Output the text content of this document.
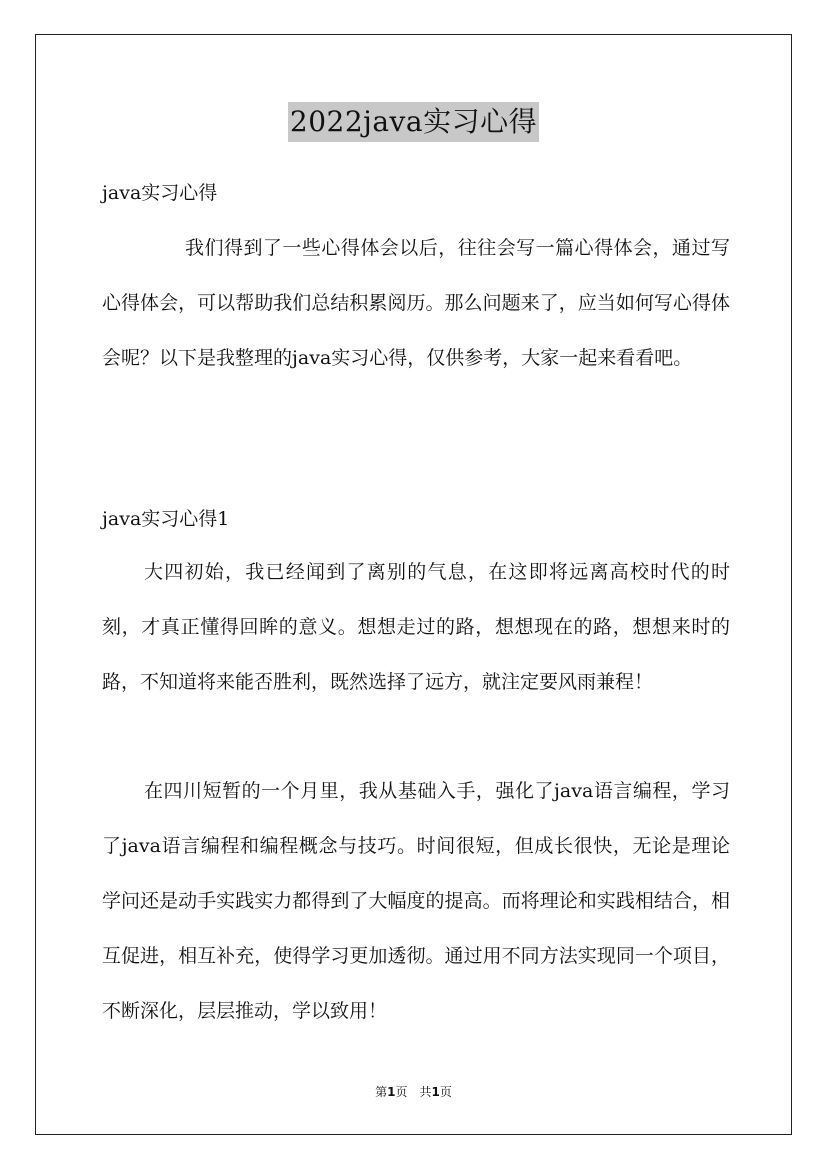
2022java实习心得
java实习心得

我们得到了一些心得体会以后，往往会写一篇心得体会，通过写心得体会，可以帮助我们总结积累阅历。那么问题来了，应当如何写心得体会呢？以下是我整理的java实习心得，仅供参考，大家一起来看看吧。

java实习心得1

大四初始，我已经闻到了离别的气息，在这即将远离高校时代的时刻，才真正懂得回眸的意义。想想走过的路，想想现在的路，想想来时的路，不知道将来能否胜利，既然选择了远方，就注定要风雨兼程！

在四川短暂的一个月里，我从基础入手，强化了java语言编程，学习了java语言编程和编程概念与技巧。时间很短，但成长很快，无论是理论学问还是动手实践实力都得到了大幅度的提高。而将理论和实践相结合，相互促进，相互补充，使得学习更加透彻。通过用不同方法实现同一个项目，不断深化，层层推动，学以致用！

第1页 共1页
